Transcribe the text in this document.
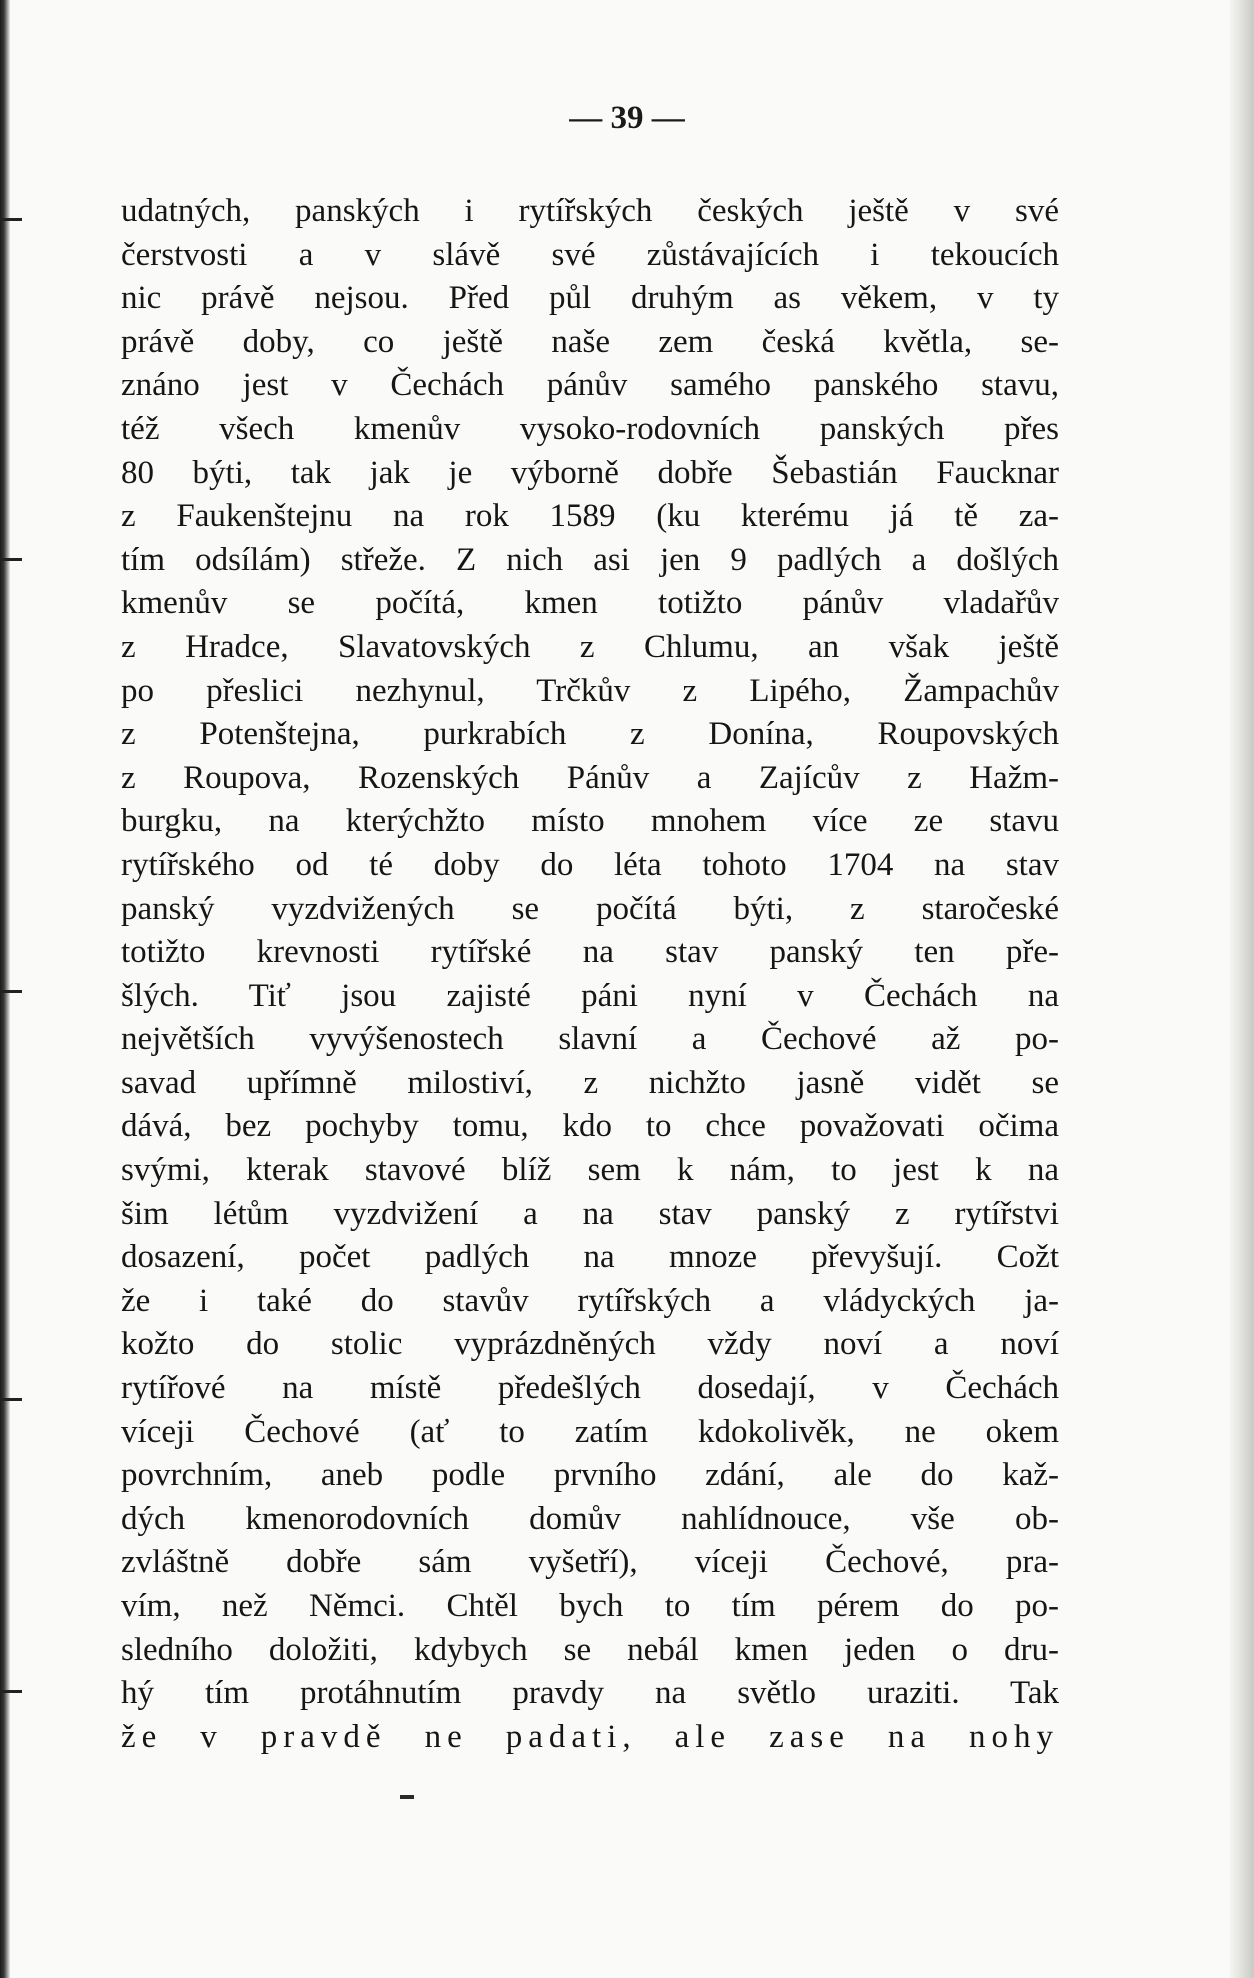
— 39 —
udatných, panských i rytířských českých ještě v své
čerstvosti a v slávě své zůstávajících i tekoucích
nic právě nejsou. Před půl druhým as věkem, v ty
právě doby, co ještě naše zem česká květla, se-
znáno jest v Čechách pánův samého panského stavu,
též všech kmenův vysoko-rodovních panských přes
80 býti, tak jak je výborně dobře Šebastián Faucknar
z Faukenštejnu na rok 1589 (ku kterému já tě za-
tím odsílám) střeže. Z nich asi jen 9 padlých a došlých
kmenův se počítá, kmen totižto pánův vladařův
z Hradce, Slavatovských z Chlumu, an však ještě
po přeslici nezhynul, Trčkův z Lipého, Žampachův
z Potenštejna, purkrabích z Donína, Roupovských
z Roupova, Rozenských Pánův a Zajícův z Hažm-
burgku, na kterýchžto místo mnohem více ze stavu
rytířského od té doby do léta tohoto 1704 na stav
panský vyzdvižených se počítá býti, z staročeské
totižto krevnosti rytířské na stav panský ten pře-
šlých. Tiť jsou zajisté páni nyní v Čechách na
největších vyvýšenostech slavní a Čechové až po-
savad upřímně milostiví, z nichžto jasně vidět se
dává, bez pochyby tomu, kdo to chce považovati očima
svými, kterak stavové blíž sem k nám, to jest k na
šim létům vyzdvižení a na stav panský z rytířstvi
dosazení, počet padlých na mnoze převyšují. Cožt
že i také do stavův rytířských a vládyckých ja-
kožto do stolic vyprázdněných vždy noví a noví
rytířové na místě předešlých dosedají, v Čechách
víceji Čechové (ať to zatím kdokolivěk, ne okem
povrchním, aneb podle prvního zdání, ale do kaž-
dých kmenorodovních domův nahlídnouce, vše ob-
zvláštně dobře sám vyšetří), víceji Čechové, pra-
vím, než Němci. Chtěl bych to tím pérem do po-
sledního doložiti, kdybych se nebál kmen jeden o dru-
hý tím protáhnutím pravdy na světlo uraziti. Tak
že v pravdě ne padati, ale zase na nohy
